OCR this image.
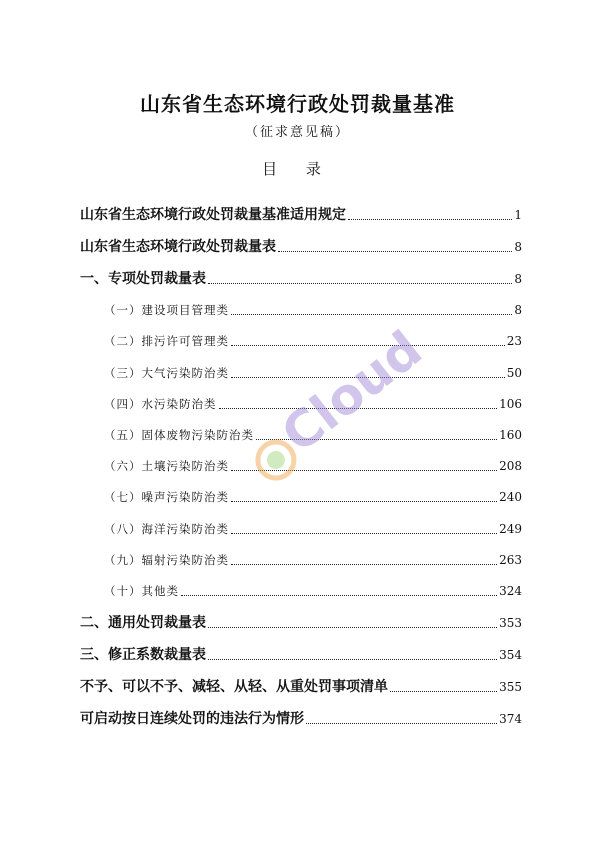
山东省生态环境行政处罚裁量基准
（征求意见稿）
目 录
山东省生态环境行政处罚裁量基准适用规定	1
山东省生态环境行政处罚裁量表	8
一、专项处罚裁量表	8
（一）建设项目管理类	8
（二）排污许可管理类	23
（三）大气污染防治类	50
（四）水污染防治类	106
（五）固体废物污染防治类	160
（六）土壤污染防治类	208
（七）噪声污染防治类	240
（八）海洋污染防治类	249
（九）辐射污染防治类	263
（十）其他类	324
二、通用处罚裁量表	353
三、修正系数裁量表	354
不予、可以不予、减轻、从轻、从重处罚事项清单	355
可启动按日连续处罚的违法行为情形	374
Cloud
